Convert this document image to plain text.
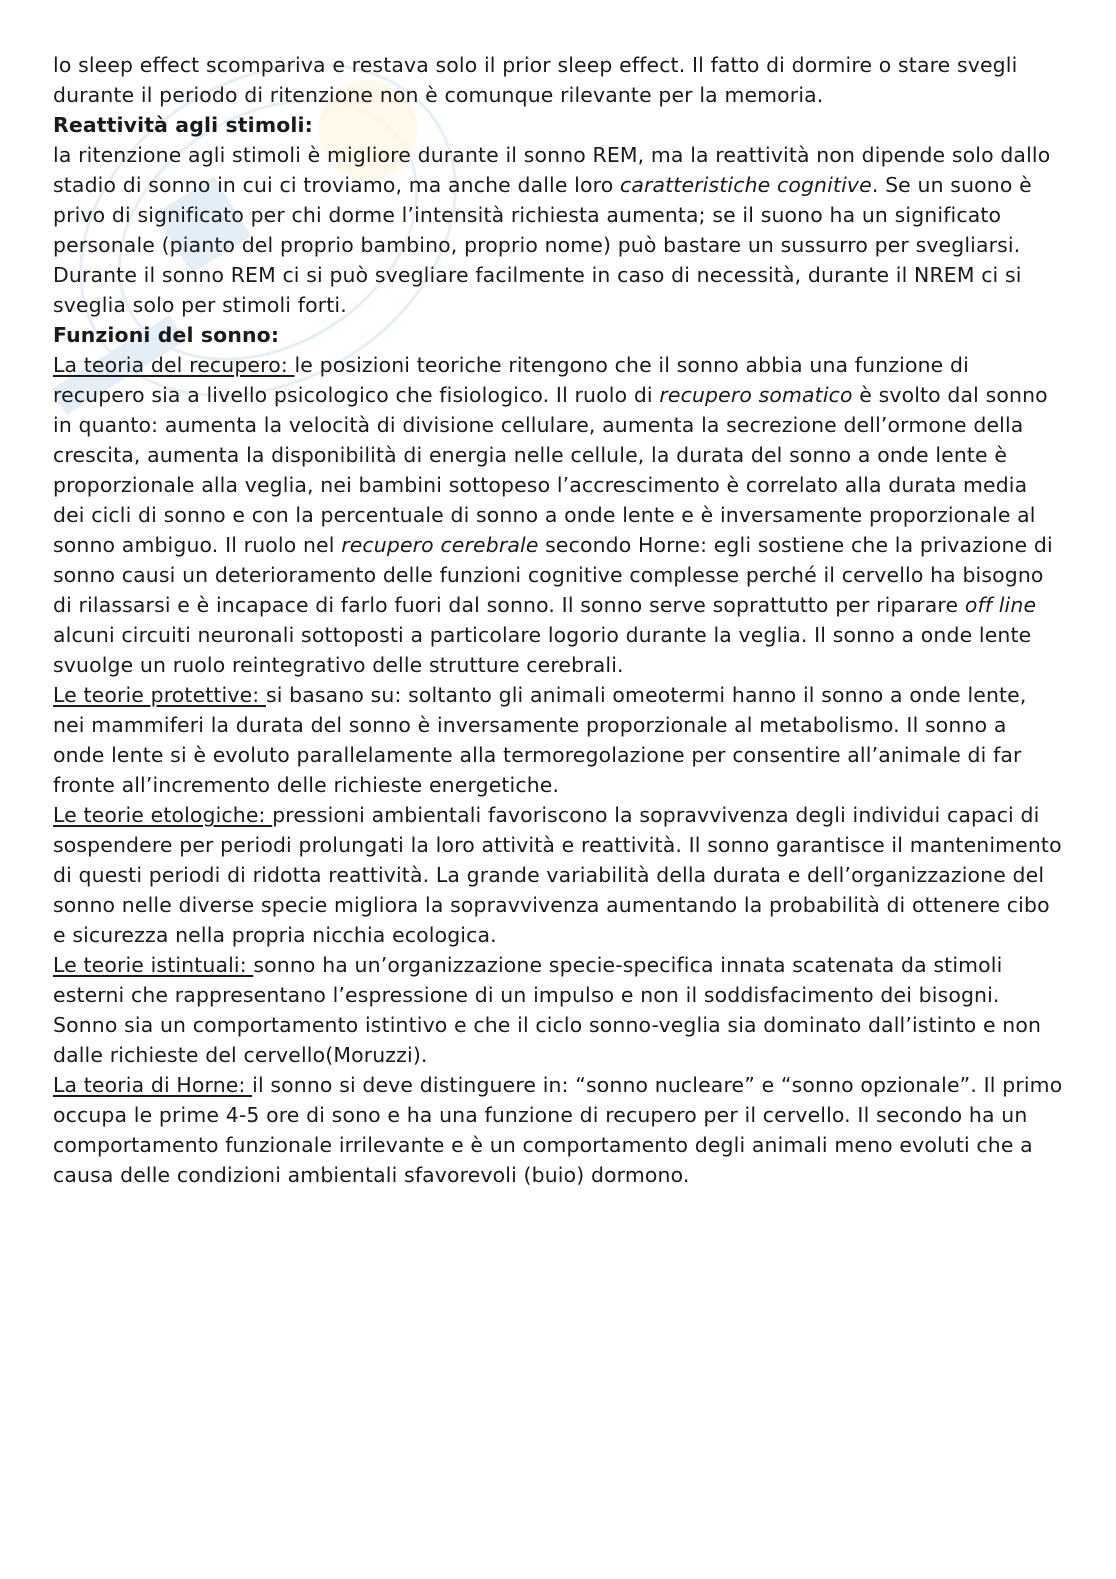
lo sleep effect scompariva e restava solo il prior sleep effect. Il fatto di dormire o stare svegli durante il periodo di ritenzione non è comunque rilevante per la memoria.

Reattività agli stimoli:

la ritenzione agli stimoli è migliore durante il sonno REM, ma la reattività non dipende solo dallo stadio di sonno in cui ci troviamo, ma anche dalle loro caratteristiche cognitive. Se un suono è privo di significato per chi dorme l’intensità richiesta aumenta; se il suono ha un significato personale (pianto del proprio bambino, proprio nome) può bastare un sussurro per svegliarsi. Durante il sonno REM ci si può svegliare facilmente in caso di necessità, durante il NREM ci si sveglia solo per stimoli forti.

Funzioni del sonno:

La teoria del recupero: le posizioni teoriche ritengono che il sonno abbia una funzione di recupero sia a livello psicologico che fisiologico. Il ruolo di recupero somatico è svolto dal sonno in quanto: aumenta la velocità di divisione cellulare, aumenta la secrezione dell’ormone della crescita, aumenta la disponibilità di energia nelle cellule, la durata del sonno a onde lente è proporzionale alla veglia, nei bambini sottopeso l’accrescimento è correlato alla durata media dei cicli di sonno e con la percentuale di sonno a onde lente e è inversamente proporzionale al sonno ambiguo. Il ruolo nel recupero cerebrale secondo Horne: egli sostiene che la privazione di sonno causi un deterioramento delle funzioni cognitive complesse perché il cervello ha bisogno di rilassarsi e è incapace di farlo fuori dal sonno. Il sonno serve soprattutto per riparare off line alcuni circuiti neuronali sottoposti a particolare logorio durante la veglia. Il sonno a onde lente svuolge un ruolo reintegrativo delle strutture cerebrali.

Le teorie protettive: si basano su: soltanto gli animali omeotermi hanno il sonno a onde lente, nei mammiferi la durata del sonno è inversamente proporzionale al metabolismo. Il sonno a onde lente si è evoluto parallelamente alla termoregolazione per consentire all’animale di far fronte all’incremento delle richieste energetiche.

Le teorie etologiche: pressioni ambientali favoriscono la sopravvivenza degli individui capaci di sospendere per periodi prolungati la loro attività e reattività. Il sonno garantisce il mantenimento di questi periodi di ridotta reattività. La grande variabilità della durata e dell’organizzazione del sonno nelle diverse specie migliora la sopravvivenza aumentando la probabilità di ottenere cibo e sicurezza nella propria nicchia ecologica.

Le teorie istintuali: sonno ha un’organizzazione specie-specifica innata scatenata da stimoli esterni che rappresentano l’espressione di un impulso e non il soddisfacimento dei bisogni. Sonno sia un comportamento istintivo e che il ciclo sonno-veglia sia dominato dall’istinto e non dalle richieste del cervello(Moruzzi).

La teoria di Horne: il sonno si deve distinguere in: “sonno nucleare” e “sonno opzionale”. Il primo occupa le prime 4-5 ore di sono e ha una funzione di recupero per il cervello. Il secondo ha un comportamento funzionale irrilevante e è un comportamento degli animali meno evoluti che a causa delle condizioni ambientali sfavorevoli (buio) dormono.
